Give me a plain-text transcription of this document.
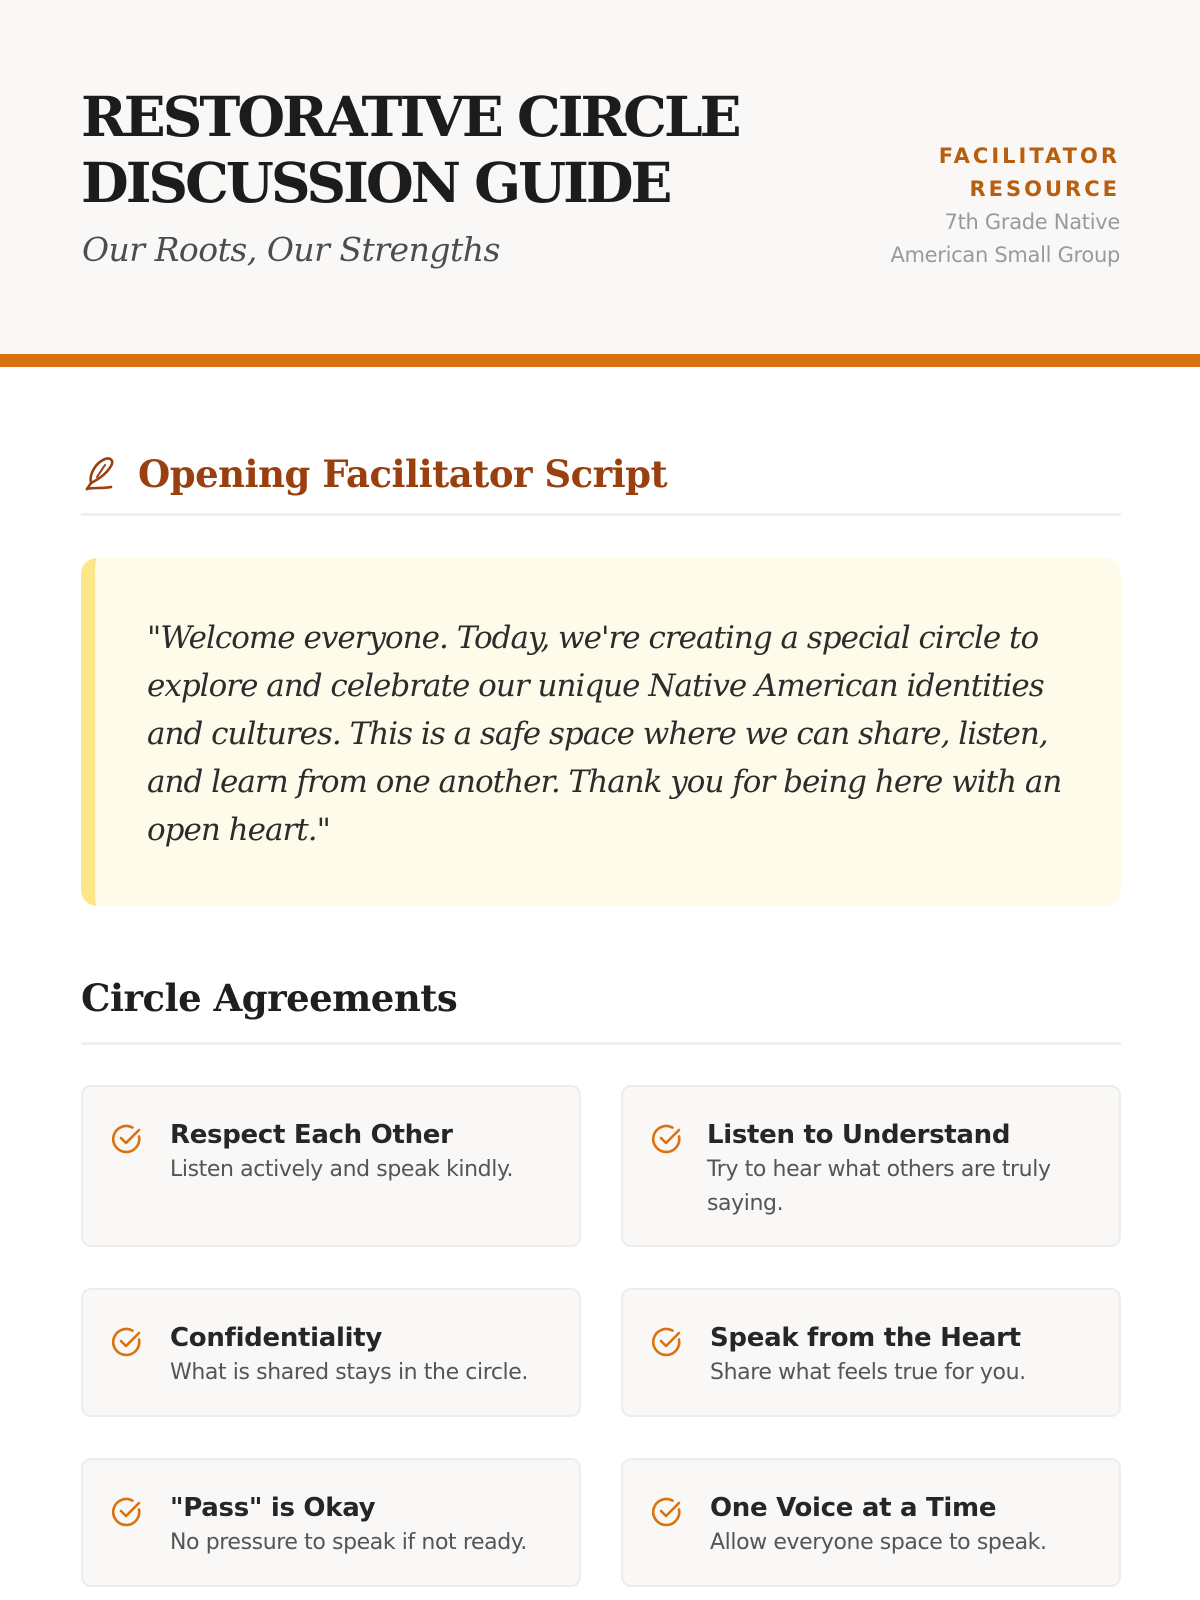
RESTORATIVE CIRCLE DISCUSSION GUIDE
Our Roots, Our Strengths
FACILITATOR RESOURCE
7th Grade Native American Small Group
Opening Facilitator Script

"Welcome everyone. Today, we're creating a special circle to explore and celebrate our unique Native American identities and cultures. This is a safe space where we can share, listen, and learn from one another. Thank you for being here with an open heart."

Circle Agreements
Respect Each Other
Listen actively and speak kindly.
Listen to Understand
Try to hear what others are truly saying.
Confidentiality
What is shared stays in the circle.
Speak from the Heart
Share what feels true for you.
"Pass" is Okay
No pressure to speak if not ready.
One Voice at a Time
Allow everyone space to speak.
